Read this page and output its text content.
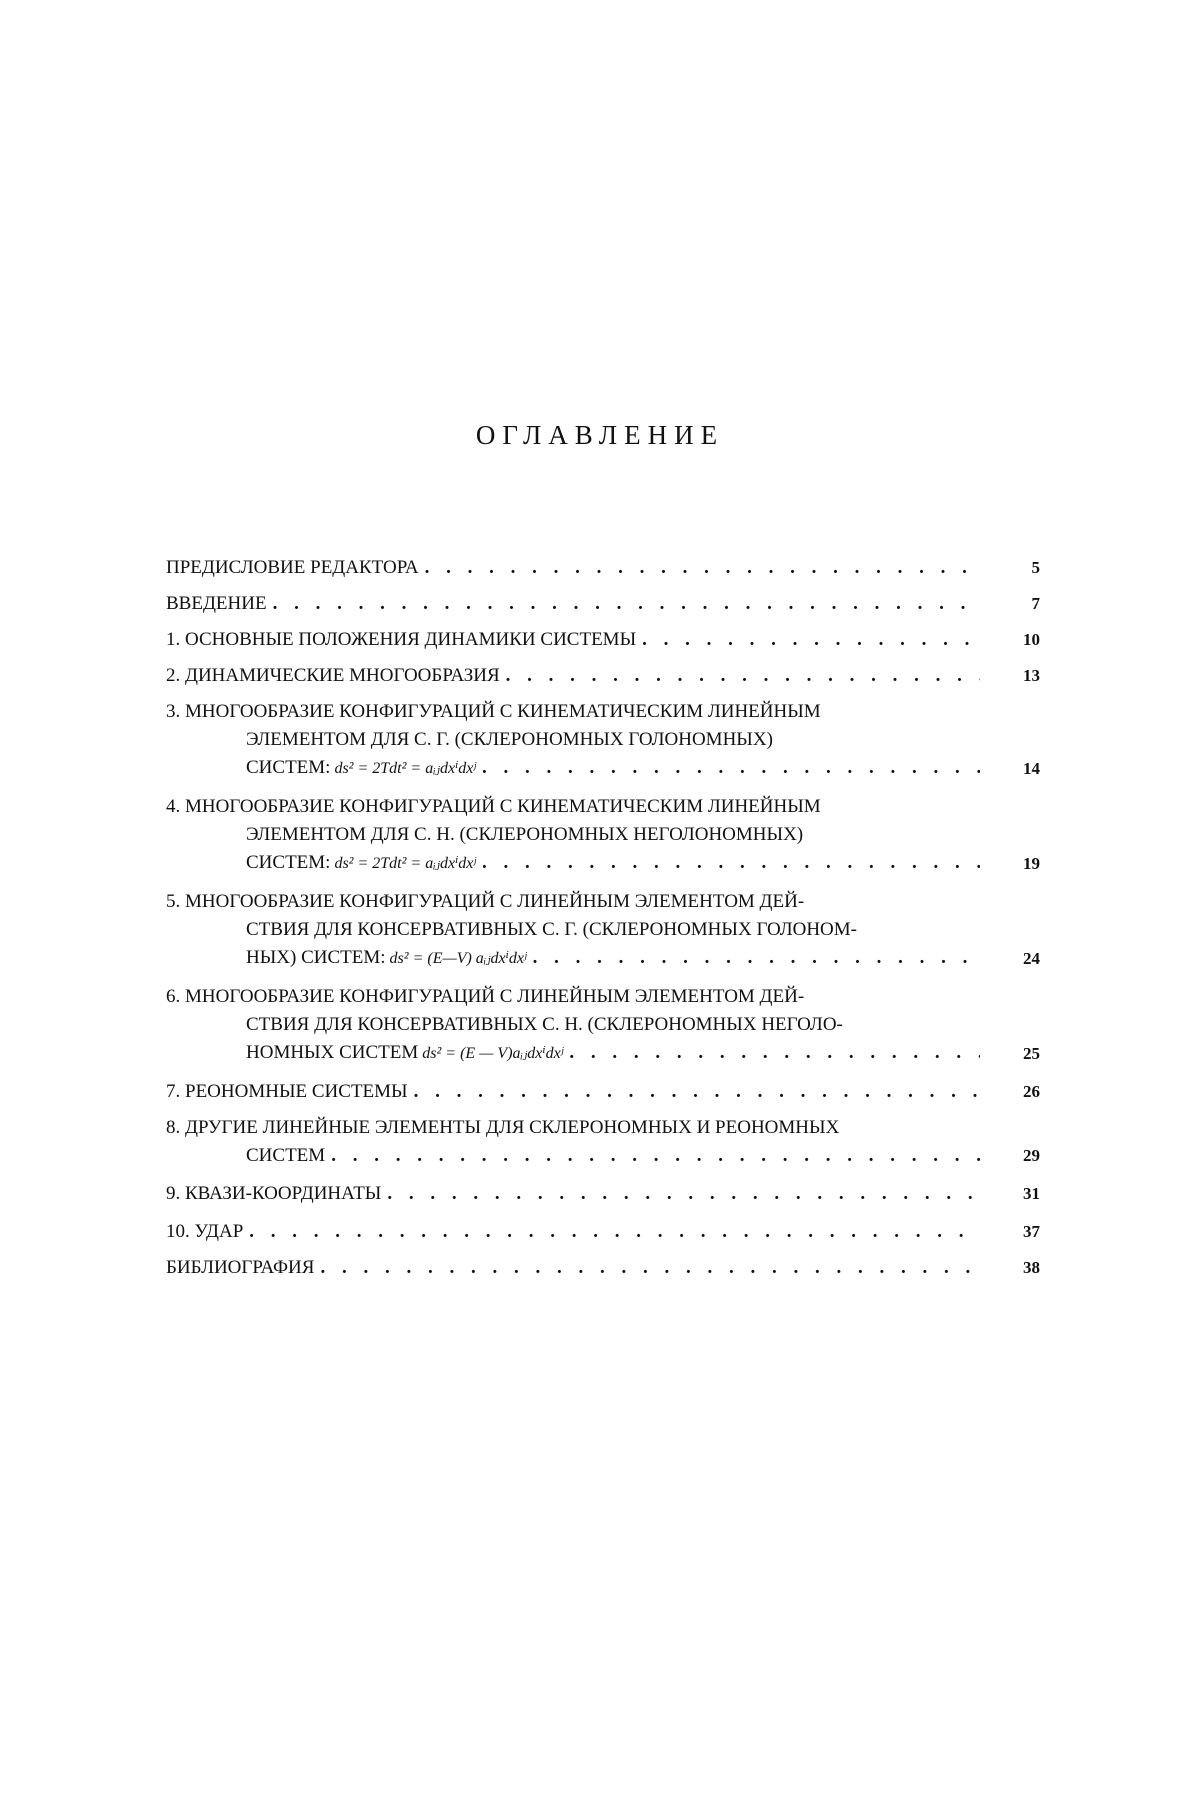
ОГЛАВЛЕНИЕ
ПРЕДИСЛОВИЕ РЕДАКТОРА . . .	5
ВВЕДЕНИЕ . . .	7
1. ОСНОВНЫЕ ПОЛОЖЕНИЯ ДИНАМИКИ СИСТЕМЫ . . .	10
2. ДИНАМИЧЕСКИЕ МНОГООБРАЗИЯ . . .	13
3. МНОГООБРАЗИЕ КОНФИГУРАЦИЙ С КИНЕМАТИЧЕСКИМ ЛИНЕЙНЫМ
ЭЛЕМЕНТОМ ДЛЯ С. Г. (СКЛЕРОНОМНЫХ ГОЛОНОМНЫХ)
СИСТЕМ: ds² = 2Tdt² = aᵢⱼdxⁱdxʲ . . .	14
4. МНОГООБРАЗИЕ КОНФИГУРАЦИЙ С КИНЕМАТИЧЕСКИМ ЛИНЕЙНЫМ
ЭЛЕМЕНТОМ ДЛЯ С. Н. (СКЛЕРОНОМНЫХ НЕГОЛОНОМНЫХ)
СИСТЕМ: ds² = 2Tdt² = aᵢⱼdxⁱdxʲ . . .	19
5. МНОГООБРАЗИЕ КОНФИГУРАЦИЙ С ЛИНЕЙНЫМ ЭЛЕМЕНТОМ ДЕЙ-
СТВИЯ ДЛЯ КОНСЕРВАТИВНЫХ С. Г. (СКЛЕРОНОМНЫХ ГОЛОНОМ-
НЫХ) СИСТЕМ: ds² = (E—V) aᵢⱼdxⁱdxʲ . . .	24
6. МНОГООБРАЗИЕ КОНФИГУРАЦИЙ С ЛИНЕЙНЫМ ЭЛЕМЕНТОМ ДЕЙ-
СТВИЯ ДЛЯ КОНСЕРВАТИВНЫХ С. Н. (СКЛЕРОНОМНЫХ НЕГОЛО-
НОМНЫХ СИСТЕМ ds² = (E — V)aᵢⱼdxⁱdxʲ . . .	25
7. РЕОНОМНЫЕ СИСТЕМЫ . . .	26
8. ДРУГИЕ ЛИНЕЙНЫЕ ЭЛЕМЕНТЫ ДЛЯ СКЛЕРОНОМНЫХ И РЕОНОМНЫХ
СИСТЕМ . . .	29
9. КВАЗИ-КООРДИНАТЫ . . .	31
10. УДАР . . .	37
БИБЛИОГРАФИЯ . . .	38
